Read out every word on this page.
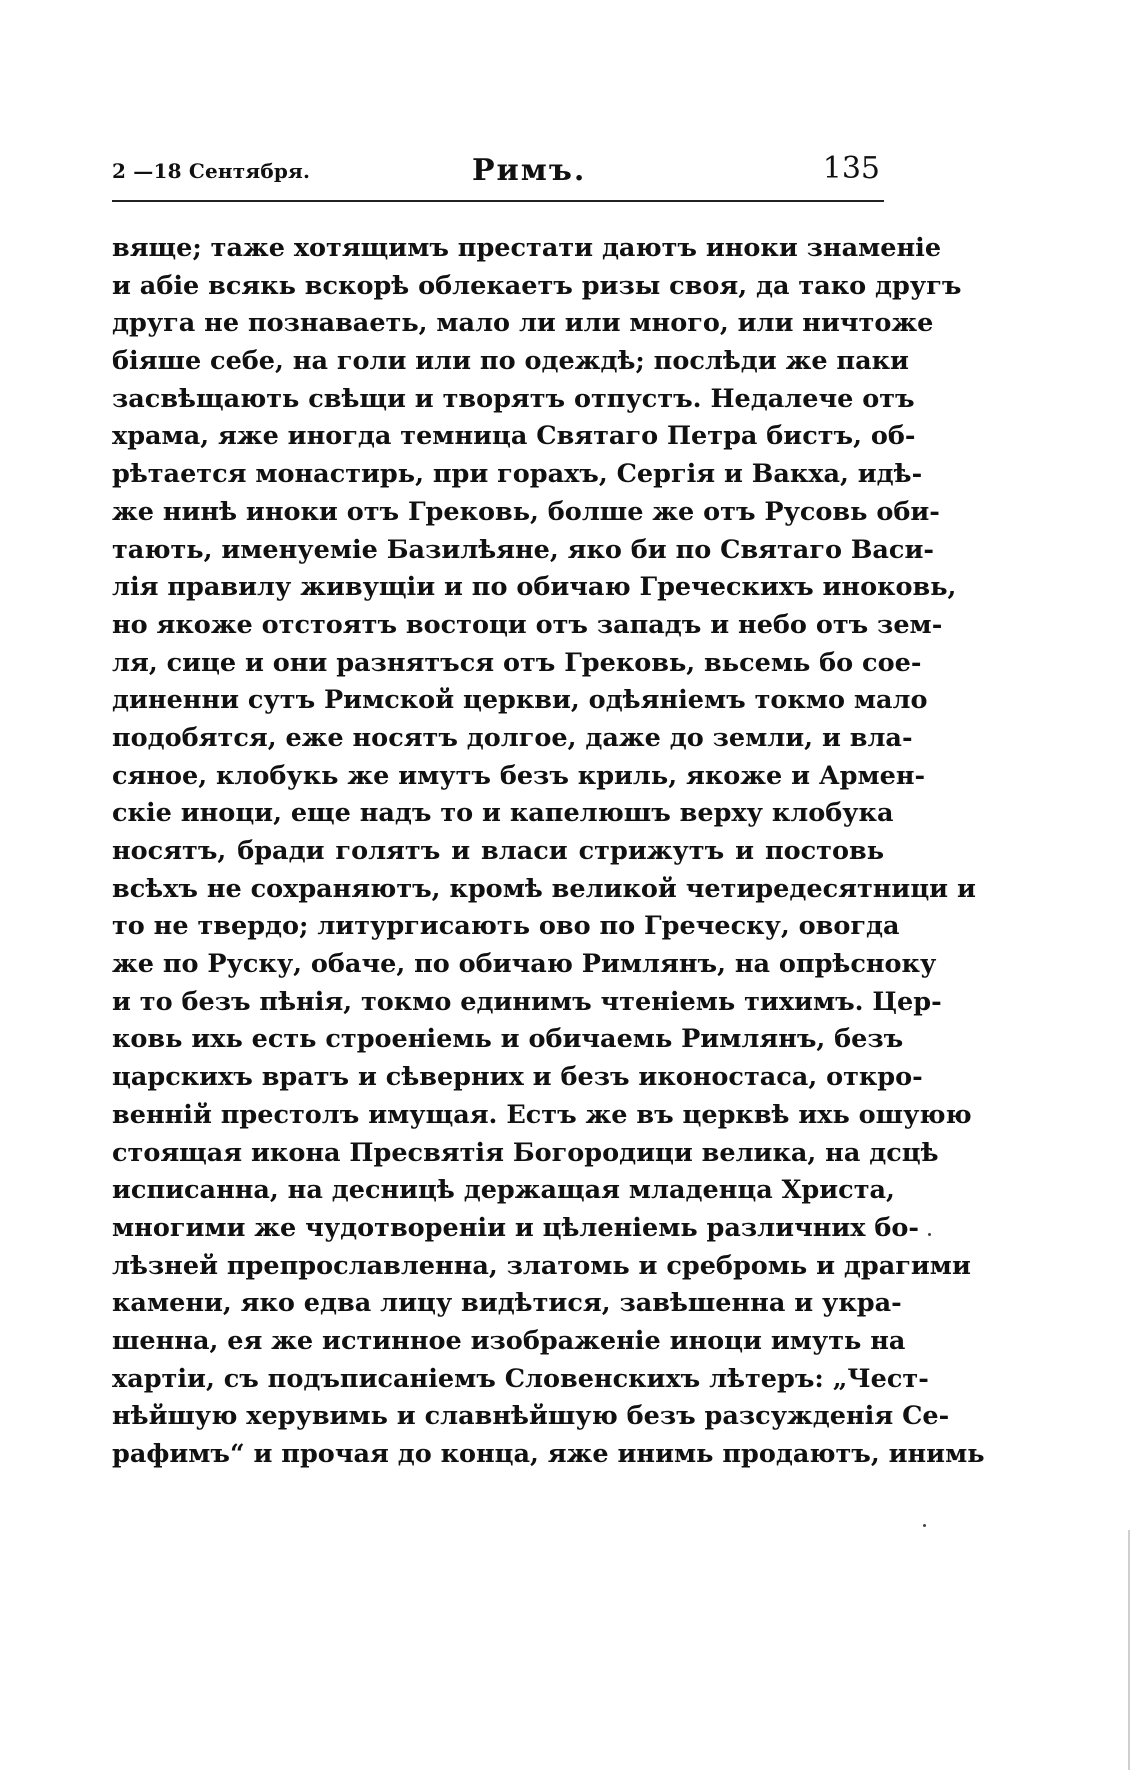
2 —18 Сентября.	Римъ.	135
вяще; таже хотящимъ престати даютъ иноки знаменіе
и абіе всякь вскорѣ облекаетъ ризы своя, да тако другъ
друга не познаваеть, мало ли или много, или ничтоже
біяше себе, на голи или по одеждѣ; послѣди же паки
засвѣщають свѣщи и творятъ отпустъ. Недалече отъ
храма, яже иногда темница Святаго Петра бистъ, об-
рѣтается монастирь, при горахъ, Сергія и Вакха, идѣ-
же нинѣ иноки отъ Грековь, болше же отъ Русовь оби-
тають, именуеміе Базилѣяне, яко би по Святаго Васи-
лія правилу живущіи и по обичаю Греческихъ иноковь,
но якоже отстоятъ востоци отъ западъ и небо отъ зем-
ля, сице и они разнятъся отъ Грековь, вьсемь бо сое-
диненни сутъ Римской церкви, одѣяніемъ токмо мало
подобятся, еже носятъ долгое, даже до земли, и вла-
сяное, клобукь же имутъ безъ криль, якоже и Армен-
скіе иноци, еще надъ то и капелюшъ верху клобука
носятъ, бради голятъ и власи стрижутъ и постовь
всѣхъ не сохраняютъ, кромѣ великой четиредесятници и
то не твердо; литургисають ово по Греческу, овогда
же по Руску, обаче, по обичаю Римлянъ, на опрѣсноку
и то безъ пѣнія, токмо единимъ чтеніемь тихимъ. Цер-
ковь ихь есть строеніемь и обичаемь Римлянъ, безъ
царскихъ вратъ и сѣверних и безъ иконостаса, откро-
венній престолъ имущая. Естъ же въ церквѣ ихь ошуюю
стоящая икона Пресвятія Богородици велика, на дсцѣ
исписанна, на десницѣ держащая младенца Христа,
многими же чудотвореніи и цѣленіемь различних бо-
лѣзней препрославленна, златомь и сребромь и драгими
камени, яко едва лицу видѣтися, завѣшенна и укра-
шенна, ея же истинное изображеніе иноци имуть на
хартіи, съ подъписаніемъ Словенскихъ лѣтеръ: „Чест-
нѣйшую херувимь и славнѣйшую безъ разсужденія Се-
рафимъ“ и прочая до конца, яже инимь продаютъ, инимь
